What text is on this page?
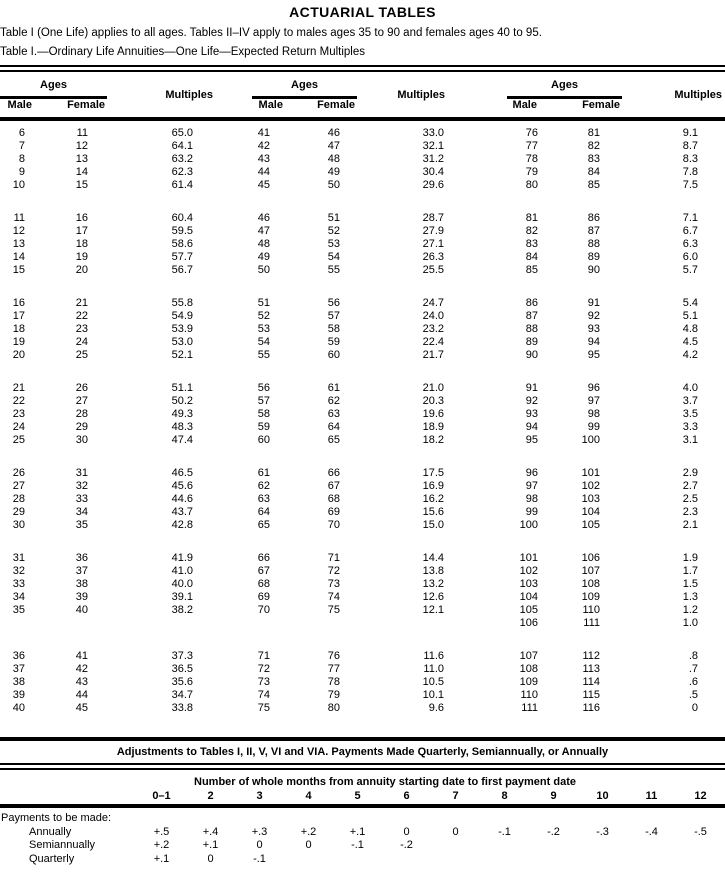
ACTUARIAL TABLES
Table I (One Life) applies to all ages. Tables II–IV apply to males ages 35 to 90 and females ages 40 to 95.
Table I.—Ordinary Life Annuities—One Life—Expected Return Multiples
Ages		Multiples	Ages		Multiples	Ages		Multiples
Male	Female		Male	Female		Male	Female	
6	11	65.0	41	46	33.0	76	81	9.1
7	12	64.1	42	47	32.1	77	82	8.7
8	13	63.2	43	48	31.2	78	83	8.3
9	14	62.3	44	49	30.4	79	84	7.8
10	15	61.4	45	50	29.6	80	85	7.5

11	16	60.4	46	51	28.7	81	86	7.1
12	17	59.5	47	52	27.9	82	87	6.7
13	18	58.6	48	53	27.1	83	88	6.3
14	19	57.7	49	54	26.3	84	89	6.0
15	20	56.7	50	55	25.5	85	90	5.7

16	21	55.8	51	56	24.7	86	91	5.4
17	22	54.9	52	57	24.0	87	92	5.1
18	23	53.9	53	58	23.2	88	93	4.8
19	24	53.0	54	59	22.4	89	94	4.5
20	25	52.1	55	60	21.7	90	95	4.2

21	26	51.1	56	61	21.0	91	96	4.0
22	27	50.2	57	62	20.3	92	97	3.7
23	28	49.3	58	63	19.6	93	98	3.5
24	29	48.3	59	64	18.9	94	99	3.3
25	30	47.4	60	65	18.2	95	100	3.1

26	31	46.5	61	66	17.5	96	101	2.9
27	32	45.6	62	67	16.9	97	102	2.7
28	33	44.6	63	68	16.2	98	103	2.5
29	34	43.7	64	69	15.6	99	104	2.3
30	35	42.8	65	70	15.0	100	105	2.1

31	36	41.9	66	71	14.4	101	106	1.9
32	37	41.0	67	72	13.8	102	107	1.7
33	38	40.0	68	73	13.2	103	108	1.5
34	39	39.1	69	74	12.6	104	109	1.3
35	40	38.2	70	75	12.1	105	110	1.2
						106	111	1.0

36	41	37.3	71	76	11.6	107	112	.8
37	42	36.5	72	77	11.0	108	113	.7
38	43	35.6	73	78	10.5	109	114	.6
39	44	34.7	74	79	10.1	110	115	.5
40	45	33.8	75	80	9.6	111	116	0
Adjustments to Tables I, II, V, VI and VIA. Payments Made Quarterly, Semiannually, or Annually
Number of whole months from annuity starting date to first payment date
	0–1	2	3	4	5	6	7	8	9	10	11	12
Payments to be made:												
Annually	+.5	+.4	+.3	+.2	+.1	0	0	-.1	-.2	-.3	-.4	-.5
Semiannually	+.2	+.1	0	0	-.1	-.2						
Quarterly	+.1	0	-.1									
